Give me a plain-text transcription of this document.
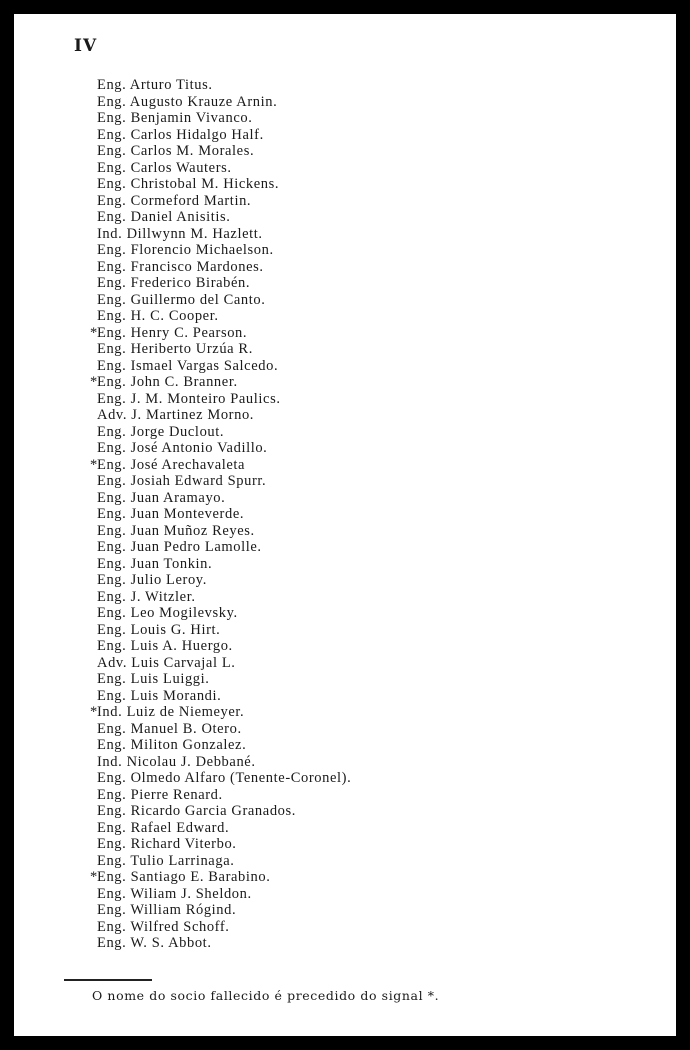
IV
Eng. Arturo Titus.
Eng. Augusto Krauze Arnin.
Eng. Benjamin Vivanco.
Eng. Carlos Hidalgo Half.
Eng. Carlos M. Morales.
Eng. Carlos Wauters.
Eng. Christobal M. Hickens.
Eng. Cormeford Martin.
Eng. Daniel Anisitis.
Ind. Dillwynn M. Hazlett.
Eng. Florencio Michaelson.
Eng. Francisco Mardones.
Eng. Frederico Birabén.
Eng. Guillermo del Canto.
Eng. H. C. Cooper.
*Eng. Henry C. Pearson.
Eng. Heriberto Urzúa R.
Eng. Ismael Vargas Salcedo.
*Eng. John C. Branner.
Eng. J. M. Monteiro Paulics.
Adv. J. Martinez Morno.
Eng. Jorge Duclout.
Eng. José Antonio Vadillo.
*Eng. José Arechavaleta
Eng. Josiah Edward Spurr.
Eng. Juan Aramayo.
Eng. Juan Monteverde.
Eng. Juan Muñoz Reyes.
Eng. Juan Pedro Lamolle.
Eng. Juan Tonkin.
Eng. Julio Leroy.
Eng. J. Witzler.
Eng. Leo Mogilevsky.
Eng. Louis G. Hirt.
Eng. Luis A. Huergo.
Adv. Luis Carvajal L.
Eng. Luis Luiggi.
Eng. Luis Morandi.
*Ind. Luiz de Niemeyer.
Eng. Manuel B. Otero.
Eng. Militon Gonzalez.
Ind. Nicolau J. Debbané.
Eng. Olmedo Alfaro (Tenente-Coronel).
Eng. Pierre Renard.
Eng. Ricardo Garcia Granados.
Eng. Rafael Edward.
Eng. Richard Viterbo.
Eng. Tulio Larrinaga.
*Eng. Santiago E. Barabino.
Eng. Wiliam J. Sheldon.
Eng. William Rógind.
Eng. Wilfred Schoff.
Eng. W. S. Abbot.
O nome do socio fallecido é precedido do signal *.
